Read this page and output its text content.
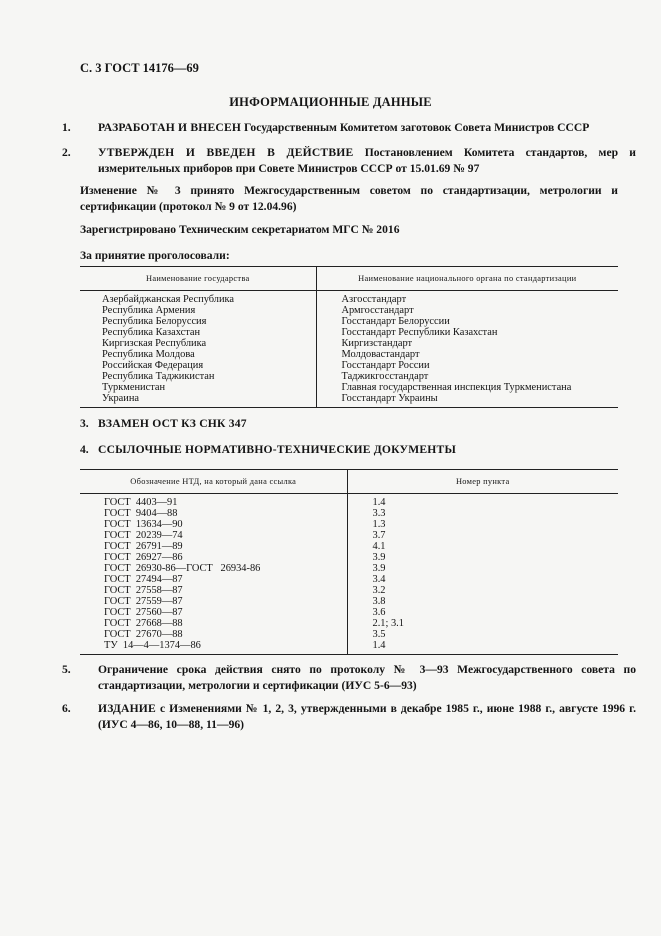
С. 3 ГОСТ 14176—69
ИНФОРМАЦИОННЫЕ ДАННЫЕ
1. РАЗРАБОТАН И ВНЕСЕН Государственным Комитетом заготовок Совета Министров СССР
2. УТВЕРЖДЕН И ВВЕДЕН В ДЕЙСТВИЕ Постановлением Комитета стандартов, мер и измерительных приборов при Совете Министров СССР от 15.01.69 № 97
Изменение № 3 принято Межгосударственным советом по стандартизации, метрологии и сертификации (протокол № 9 от 12.04.96)
Зарегистрировано Техническим секретариатом МГС № 2016
За принятие проголосовали:
Наименование государства	Наименование национального органа по стандартизации
Азербайджанская Республика	Азгосстандарт
Республика Армения	Армгосстандарт
Республика Белоруссия	Госстандарт Белоруссии
Республика Казахстан	Госстандарт Республики Казахстан
Киргизская Республика	Киргизстандарт
Республика Молдова	Молдовастандарт
Российская Федерация	Госстандарт России
Республика Таджикистан	Таджикгосстандарт
Туркменистан	Главная государственная инспекция Туркменистана
Украина	Госстандарт Украины
3. ВЗАМЕН ОСТ КЗ СНК 347
4. ССЫЛОЧНЫЕ НОРМАТИВНО-ТЕХНИЧЕСКИЕ ДОКУМЕНТЫ
Обозначение НТД, на который дана ссылка	Номер пункта
ГОСТ  4403—91	1.4
ГОСТ  9404—88	3.3
ГОСТ  13634—90	1.3
ГОСТ  20239—74	3.7
ГОСТ  26791—89	4.1
ГОСТ  26927—86	3.9
ГОСТ  26930-86—ГОСТ   26934-86	3.9
ГОСТ  27494—87	3.4
ГОСТ  27558—87	3.2
ГОСТ  27559—87	3.8
ГОСТ  27560—87	3.6
ГОСТ  27668—88	2.1; 3.1
ГОСТ  27670—88	3.5
ТУ  14—4—1374—86	1.4
5. Ограничение срока действия снято по протоколу № 3—93 Межгосударственного совета по стандартизации, метрологии и сертификации (ИУС 5-6—93)
6. ИЗДАНИЕ с Изменениями № 1, 2, 3, утвержденными в декабре 1985 г., июне 1988 г., августе 1996 г. (ИУС 4—86, 10—88, 11—96)
